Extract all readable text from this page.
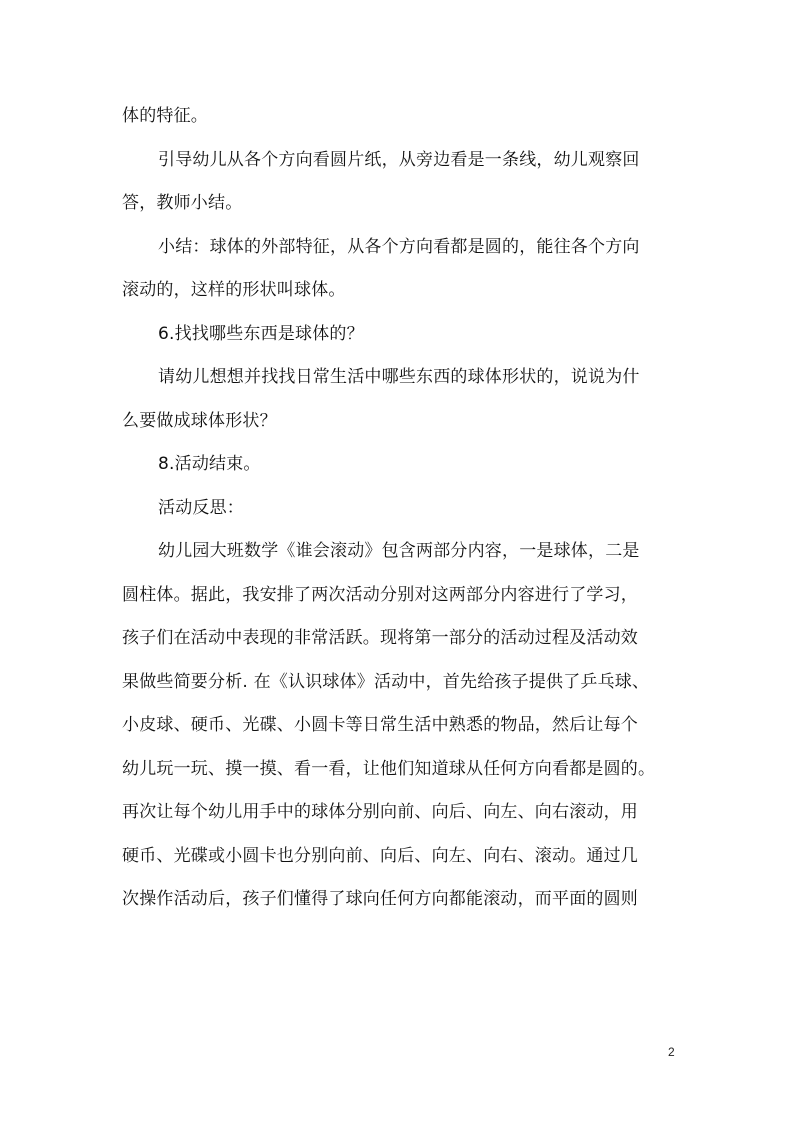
体的特征。
引导幼儿从各个方向看圆片纸，从旁边看是一条线，幼儿观察回
答，教师小结。
小结：球体的外部特征，从各个方向看都是圆的，能往各个方向
滚动的，这样的形状叫球体。
6.找找哪些东西是球体的？
请幼儿想想并找找日常生活中哪些东西的球体形状的，说说为什
么要做成球体形状？
8.活动结束。
活动反思：
幼儿园大班数学《谁会滚动》包含两部分内容，一是球体，二是
圆柱体。据此，我安排了两次活动分别对这两部分内容进行了学习，
孩子们在活动中表现的非常活跃。现将第一部分的活动过程及活动效
果做些简要分析. 在《认识球体》活动中，首先给孩子提供了乒乓球、
小皮球、硬币、光碟、小圆卡等日常生活中熟悉的物品，然后让每个
幼儿玩一玩、摸一摸、看一看，让他们知道球从任何方向看都是圆的。
再次让每个幼儿用手中的球体分别向前、向后、向左、向右滚动，用
硬币、光碟或小圆卡也分别向前、向后、向左、向右、滚动。通过几
次操作活动后，孩子们懂得了球向任何方向都能滚动，而平面的圆则
2
